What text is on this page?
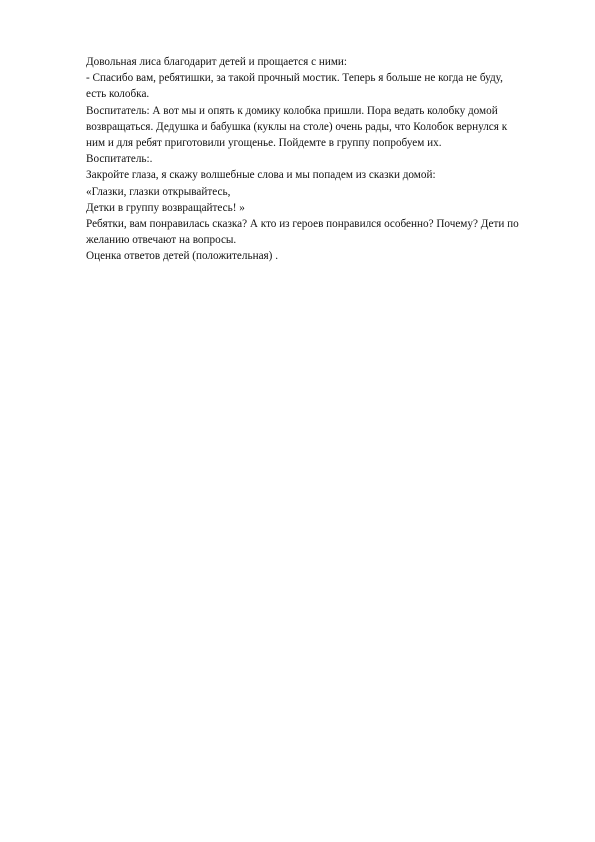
Довольная лиса благодарит детей и прощается с ними:
- Спасибо вам, ребятишки, за такой прочный мостик. Теперь я больше не когда не буду,
есть колобка.
Воспитатель: А вот мы и опять к домику колобка пришли. Пора ведать колобку домой
возвращаться. Дедушка и бабушка (куклы на столе) очень рады, что Колобок вернулся к
ним и для ребят приготовили угощенье. Пойдемте в группу попробуем их.
Воспитатель:.
Закройте глаза, я скажу волшебные слова и мы попадем из сказки домой:
«Глазки, глазки открывайтесь,
Детки в группу возвращайтесь! »
Ребятки, вам понравилась сказка? А кто из героев понравился особенно? Почему? Дети по
желанию отвечают на вопросы.
Оценка ответов детей (положительная) .
